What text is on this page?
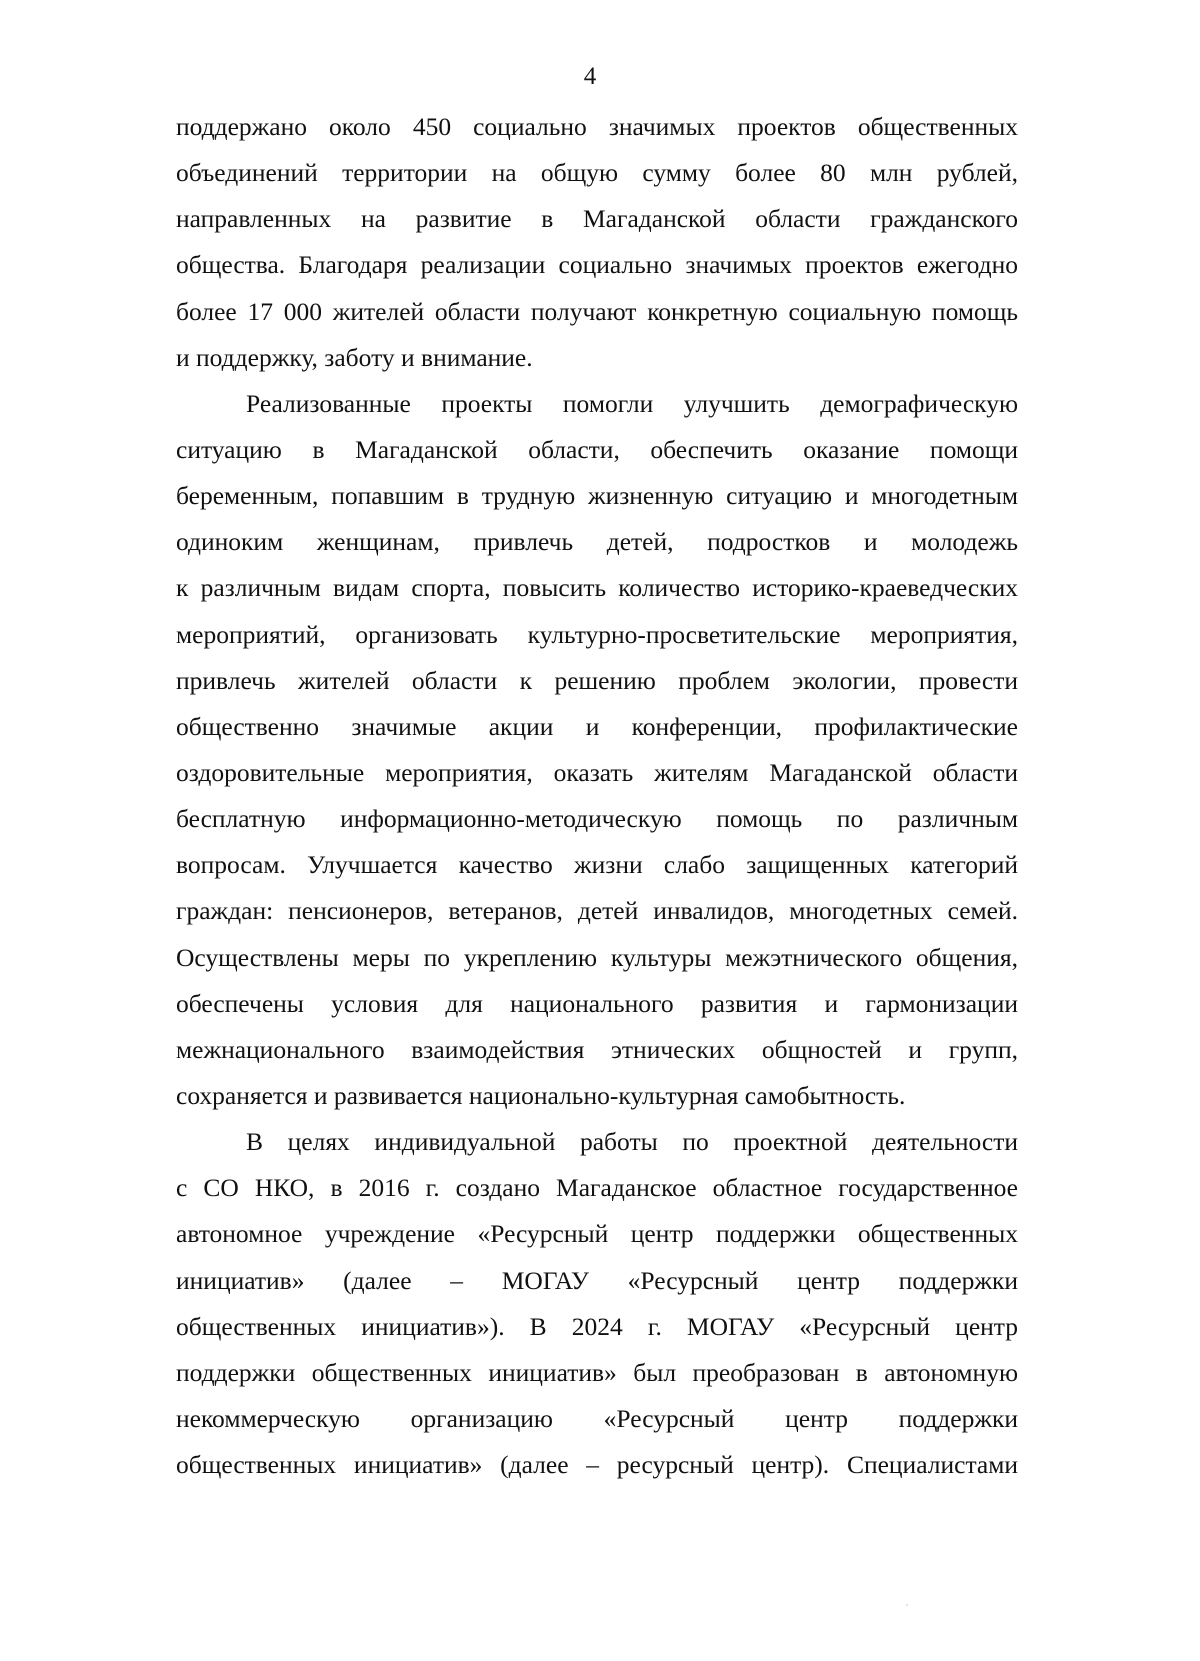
4
поддержано около 450 социально значимых проектов общественных
объединений территории на общую сумму более 80 млн рублей,
направленных на развитие в Магаданской области гражданского
общества. Благодаря реализации социально значимых проектов ежегодно
более 17 000 жителей области получают конкретную социальную помощь
и поддержку, заботу и внимание.
Реализованные проекты помогли улучшить демографическую
ситуацию в Магаданской области, обеспечить оказание помощи
беременным, попавшим в трудную жизненную ситуацию и многодетным
одиноким женщинам, привлечь детей, подростков и молодежь
к различным видам спорта, повысить количество историко-краеведческих
мероприятий, организовать культурно-просветительские мероприятия,
привлечь жителей области к решению проблем экологии, провести
общественно значимые акции и конференции, профилактические
оздоровительные мероприятия, оказать жителям Магаданской области
бесплатную информационно-методическую помощь по различным
вопросам. Улучшается качество жизни слабо защищенных категорий
граждан: пенсионеров, ветеранов, детей инвалидов, многодетных семей.
Осуществлены меры по укреплению культуры межэтнического общения,
обеспечены условия для национального развития и гармонизации
межнационального взаимодействия этнических общностей и групп,
сохраняется и развивается национально-культурная самобытность.
В целях индивидуальной работы по проектной деятельности
с СО НКО, в 2016 г. создано Магаданское областное государственное
автономное учреждение «Ресурсный центр поддержки общественных
инициатив» (далее – МОГАУ «Ресурсный центр поддержки
общественных инициатив»). В 2024 г. МОГАУ «Ресурсный центр
поддержки общественных инициатив» был преобразован в автономную
некоммерческую организацию «Ресурсный центр поддержки
общественных инициатив» (далее – ресурсный центр). Специалистами
